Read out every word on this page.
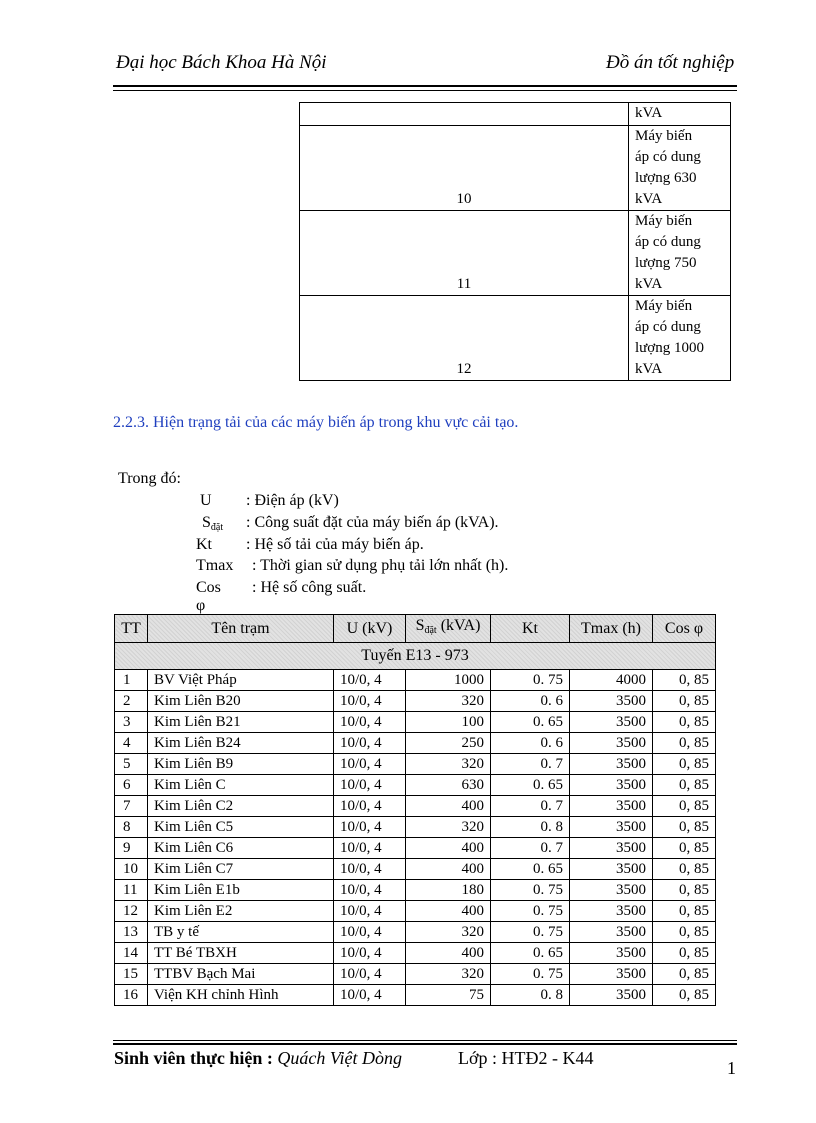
Đại học Bách Khoa Hà Nội	Đồ án tốt nghiệp
	kVA
10	Máy biến
áp có dung
lượng 630
kVA

11	Máy biến
áp có dung
lượng 750
kVA

12	Máy biến
áp có dung
lượng 1000
kVA
2.2.3. Hiện trạng tải của các máy biến áp trong khu vực cải tạo.
Trong đó:
U : Điện áp (kV)
$S_{đặt}$ : Công suất đặt của máy biến áp (kVA).
Kt : Hệ số tải của máy biến áp.
Tmax : Thời gian sử dụng phụ tải lớn nhất (h).
Cos φ
: Hệ số công suất.
TT	Tên trạm	U (kV)	$S_{đặt}$ (kVA)	Kt	Tmax (h)	Cos φ
Tuyến E13 - 973						
1	BV Việt Pháp	10/0, 4	1000	0. 75	4000	0, 85
2	Kim Liên B20	10/0, 4	320	0. 6	3500	0, 85
3	Kim Liên B21	10/0, 4	100	0. 65	3500	0, 85
4	Kim Liên B24	10/0, 4	250	0. 6	3500	0, 85
5	Kim Liên B9	10/0, 4	320	0. 7	3500	0, 85
6	Kim Liên C	10/0, 4	630	0. 65	3500	0, 85
7	Kim Liên C2	10/0, 4	400	0. 7	3500	0, 85
8	Kim Liên C5	10/0, 4	320	0. 8	3500	0, 85
9	Kim Liên C6	10/0, 4	400	0. 7	3500	0, 85
10	Kim Liên C7	10/0, 4	400	0. 65	3500	0, 85
11	Kim Liên E1b	10/0, 4	180	0. 75	3500	0, 85
12	Kim Liên E2	10/0, 4	400	0. 75	3500	0, 85
13	TB y tế	10/0, 4	320	0. 75	3500	0, 85
14	TT Bé TBXH	10/0, 4	400	0. 65	3500	0, 85
15	TTBV Bạch Mai	10/0, 4	320	0. 75	3500	0, 85
16	Viện KH chỉnh Hình	10/0, 4	75	0. 8	3500	0, 85
Sinh viên thực hiện : Quách Việt Dòng	Lớp : HTĐ2 - K44	1
